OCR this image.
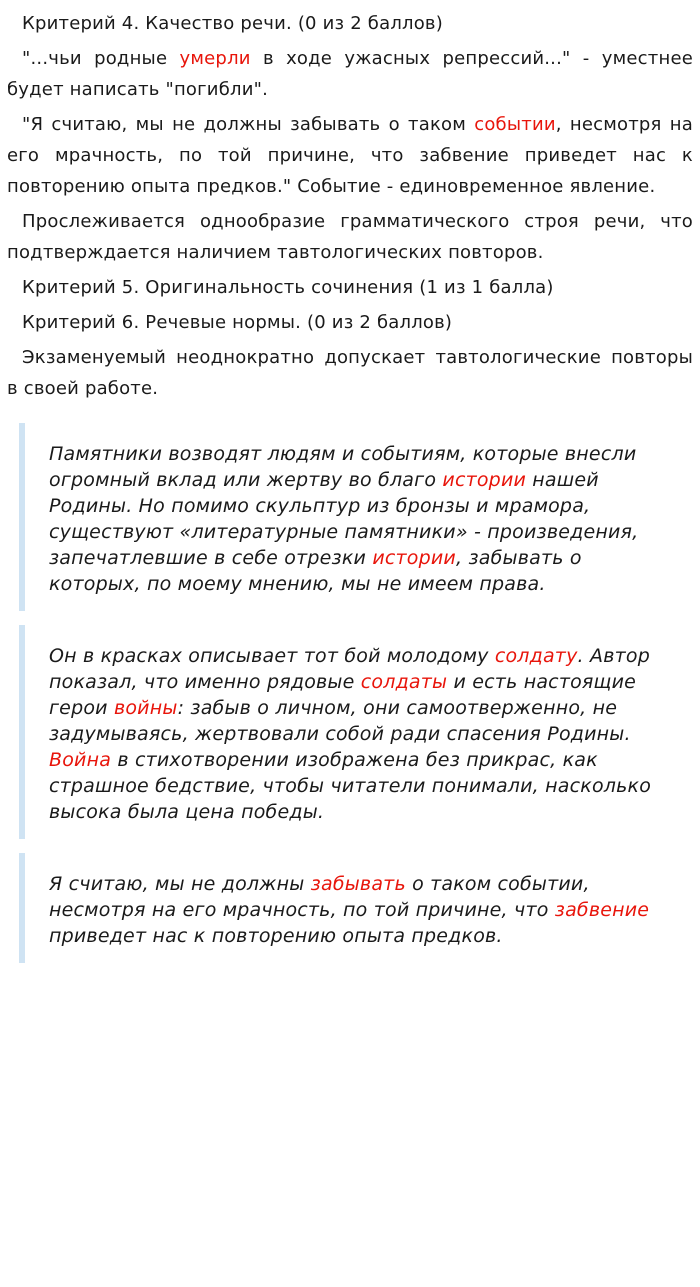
Критерий 4. Качество речи. (0 из 2 баллов)

"...чьи родные умерли в ходе ужасных репрессий..." - уместнее будет написать "погибли".

"Я считаю, мы не должны забывать о таком событии, несмотря на его мрачность, по той причине, что забвение приведет нас к повторению опыта предков." Событие - единовременное явление.

Прослеживается однообразие грамматического строя речи, что подтверждается наличием тавтологических повторов.

Критерий 5. Оригинальность сочинения (1 из 1 балла)

Критерий 6. Речевые нормы. (0 из 2 баллов)

Экзаменуемый неоднократно допускает тавтологические повторы в своей работе.

Памятники возводят людям и событиям, которые внесли огромный вклад или жертву во благо истории нашей Родины. Но помимо скульптур из бронзы и мрамора, существуют «литературные памятники» - произведения, запечатлевшие в себе отрезки истории, забывать о которых, по моему мнению, мы не имеем права.

Он в красках описывает тот бой молодому солдату. Автор показал, что именно рядовые солдаты и есть настоящие герои войны: забыв о личном, они самоотверженно, не задумываясь, жертвовали собой ради спасения Родины. Война в стихотворении изображена без прикрас, как страшное бедствие, чтобы читатели понимали, насколько высока была цена победы.

Я считаю, мы не должны забывать о таком событии, несмотря на его мрачность, по той причине, что забвение приведет нас к повторению опыта предков.
